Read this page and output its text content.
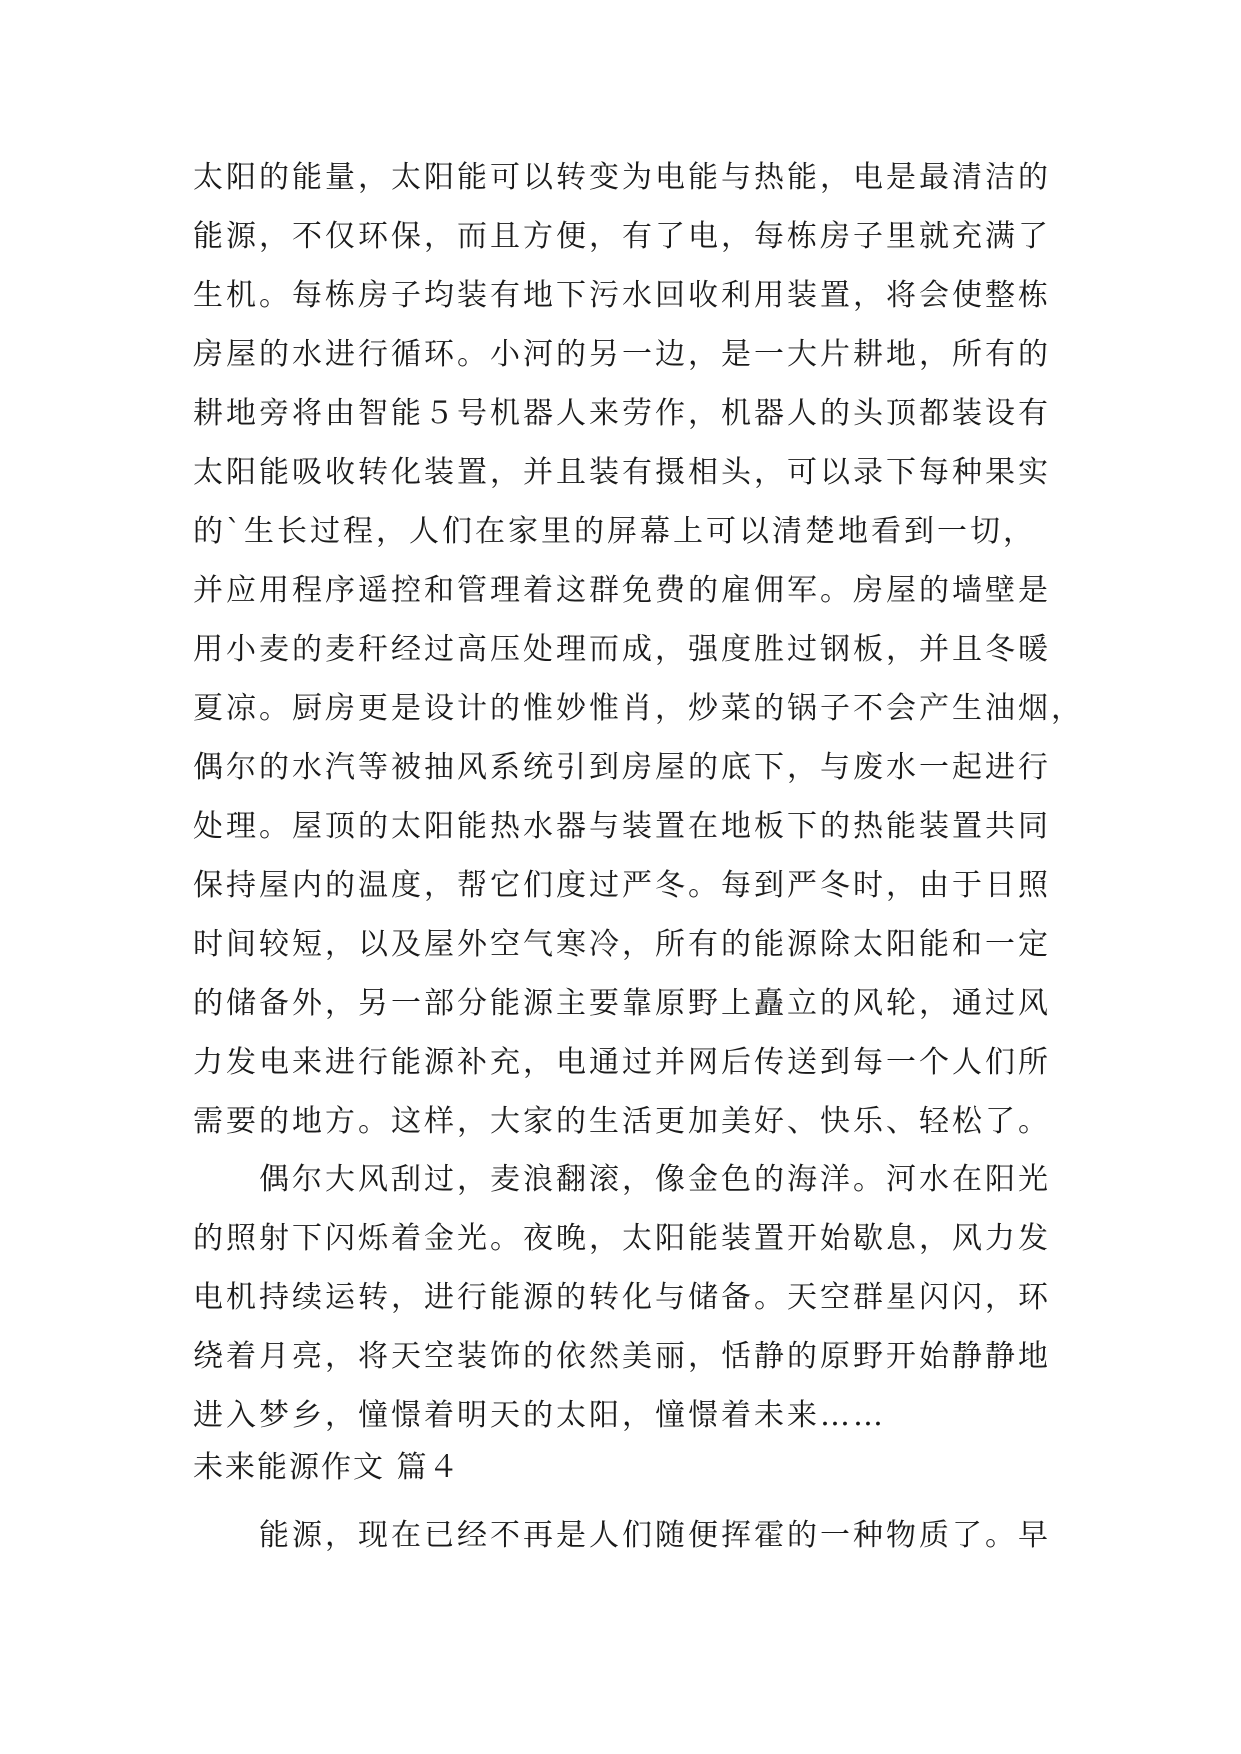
太阳的能量，太阳能可以转变为电能与热能，电是最清洁的
能源，不仅环保，而且方便，有了电，每栋房子里就充满了
生机。每栋房子均装有地下污水回收利用装置，将会使整栋
房屋的水进行循环。小河的另一边，是一大片耕地，所有的
耕地旁将由智能５号机器人来劳作，机器人的头顶都装设有
太阳能吸收转化装置，并且装有摄相头，可以录下每种果实
的`生长过程，人们在家里的屏幕上可以清楚地看到一切，
并应用程序遥控和管理着这群免费的雇佣军。房屋的墙壁是
用小麦的麦秆经过高压处理而成，强度胜过钢板，并且冬暖
夏凉。厨房更是设计的惟妙惟肖，炒菜的锅子不会产生油烟，
偶尔的水汽等被抽风系统引到房屋的底下，与废水一起进行
处理。屋顶的太阳能热水器与装置在地板下的热能装置共同
保持屋内的温度，帮它们度过严冬。每到严冬时，由于日照
时间较短，以及屋外空气寒冷，所有的能源除太阳能和一定
的储备外，另一部分能源主要靠原野上矗立的风轮，通过风
力发电来进行能源补充，电通过并网后传送到每一个人们所
需要的地方。这样，大家的生活更加美好、快乐、轻松了。
偶尔大风刮过，麦浪翻滚，像金色的海洋。河水在阳光
的照射下闪烁着金光。夜晚，太阳能装置开始歇息，风力发
电机持续运转，进行能源的转化与储备。天空群星闪闪，环
绕着月亮，将天空装饰的依然美丽，恬静的原野开始静静地
进入梦乡，憧憬着明天的太阳，憧憬着未来……
未来能源作文 篇４
能源，现在已经不再是人们随便挥霍的一种物质了。早
